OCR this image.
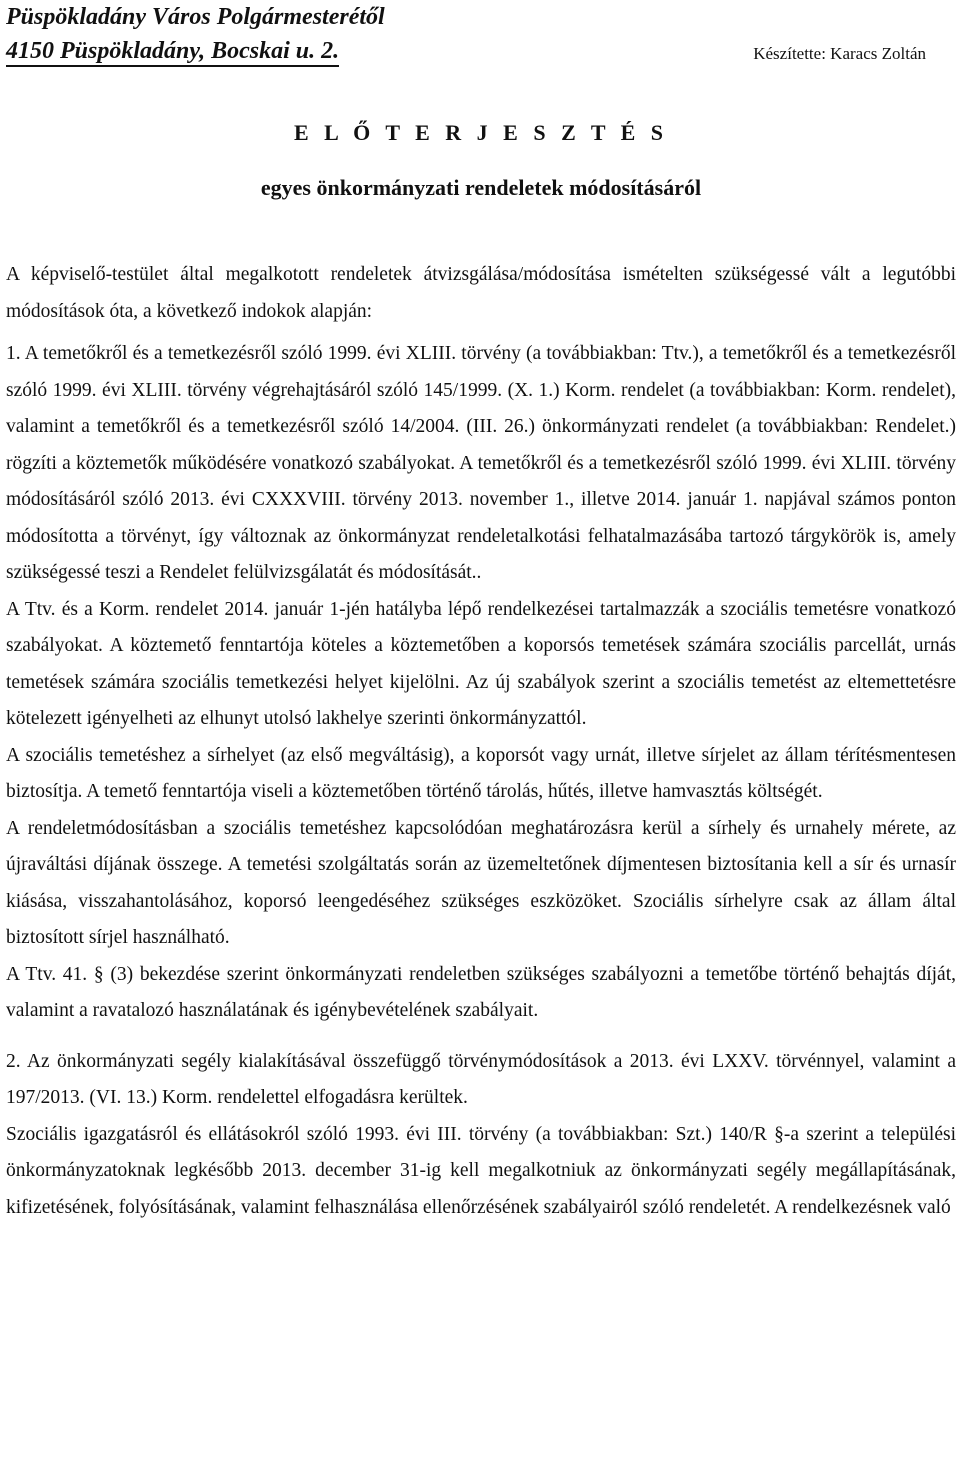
Püspökladány Város Polgármesterétől
4150 Püspökladány, Bocskai u. 2.	Készítette: Karacs Zoltán
E L Ő T E R J E S Z T É S
egyes önkormányzati rendeletek módosításáról

A képviselő-testület által megalkotott rendeletek átvizsgálása/módosítása ismételten szükségessé vált a legutóbbi módosítások óta, a következő indokok alapján:

1. A temetőkről és a temetkezésről szóló 1999. évi XLIII. törvény (a továbbiakban: Ttv.), a temetőkről és a temetkezésről szóló 1999. évi XLIII. törvény végrehajtásáról szóló 145/1999. (X. 1.) Korm. rendelet (a továbbiakban: Korm. rendelet), valamint a temetőkről és a temetkezésről szóló 14/2004. (III. 26.) önkormányzati rendelet (a továbbiakban: Rendelet.) rögzíti a köztemetők működésére vonatkozó szabályokat. A temetőkről és a temetkezésről szóló 1999. évi XLIII. törvény módosításáról szóló 2013. évi CXXXVIII. törvény 2013. november 1., illetve 2014. január 1. napjával számos ponton módosította a törvényt, így változnak az önkormányzat rendeletalkotási felhatalmazásába tartozó tárgykörök is, amely szükségessé teszi a Rendelet felülvizsgálatát és módosítását..

A Ttv. és a Korm. rendelet 2014. január 1-jén hatályba lépő rendelkezései tartalmazzák a szociális temetésre vonatkozó szabályokat. A köztemető fenntartója köteles a köztemetőben a koporsós temetések számára szociális parcellát, urnás temetések számára szociális temetkezési helyet kijelölni. Az új szabályok szerint a szociális temetést az eltemettetésre kötelezett igényelheti az elhunyt utolsó lakhelye szerinti önkormányzattól.

A szociális temetéshez a sírhelyet (az első megváltásig), a koporsót vagy urnát, illetve sírjelet az állam térítésmentesen biztosítja. A temető fenntartója viseli a köztemetőben történő tárolás, hűtés, illetve hamvasztás költségét.

A rendeletmódosításban a szociális temetéshez kapcsolódóan meghatározásra kerül a sírhely és urnahely mérete, az újraváltási díjának összege. A temetési szolgáltatás során az üzemeltetőnek díjmentesen biztosítania kell a sír és urnasír kiásása, visszahantolásához, koporsó leengedéséhez szükséges eszközöket. Szociális sírhelyre csak az állam által biztosított sírjel használható.

A Ttv. 41. § (3) bekezdése szerint önkormányzati rendeletben szükséges szabályozni a temetőbe történő behajtás díját, valamint a ravatalozó használatának és igénybevételének szabályait.

2. Az önkormányzati segély kialakításával összefüggő törvénymódosítások a 2013. évi LXXV. törvénnyel, valamint a 197/2013. (VI. 13.) Korm. rendelettel elfogadásra kerültek.

Szociális igazgatásról és ellátásokról szóló 1993. évi III. törvény (a továbbiakban: Szt.) 140/R §-a szerint a települési önkormányzatoknak legkésőbb 2013. december 31-ig kell megalkotniuk az önkormányzati segély megállapításának, kifizetésének, folyósításának, valamint felhasználása ellenőrzésének szabályairól szóló rendeletét. A rendelkezésnek való
